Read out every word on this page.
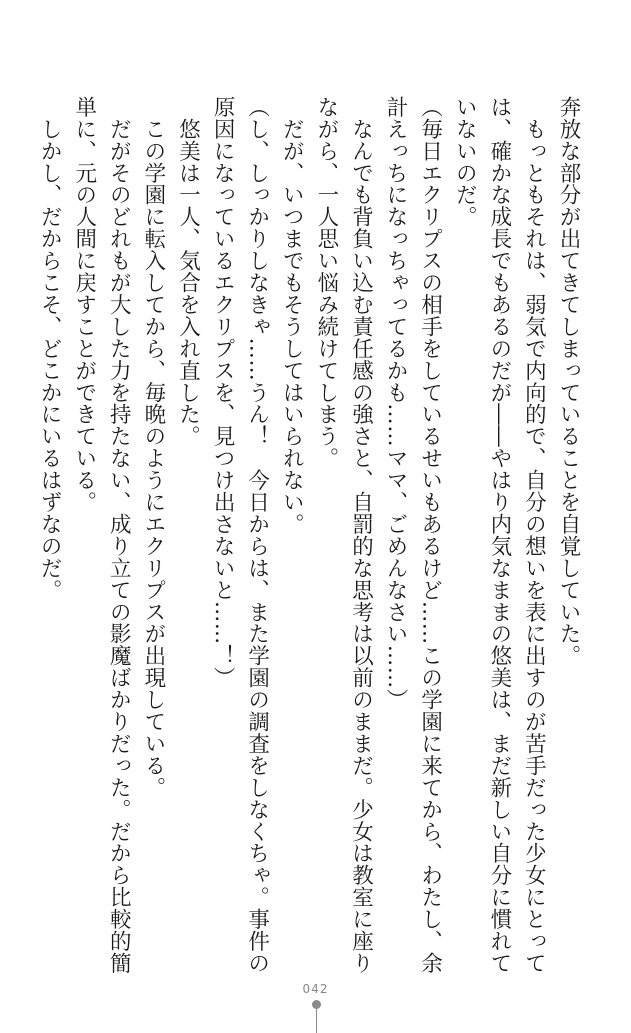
奔放な部分が出てきてしまっていることを自覚していた。
　もっともそれは、弱気で内向的で、自分の想いを表に出すのが苦手だった少女にとって
は、確かな成長でもあるのだが――やはり内気なままの悠美は、まだ新しい自分に慣れて
いないのだ。
（毎日エクリプスの相手をしているせいもあるけど……この学園に来てから、わたし、余
計えっちになっちゃってるかも……ママ、ごめんなさい……）
　なんでも背負い込む責任感の強さと、自罰的な思考は以前のままだ。少女は教室に座り
ながら、一人思い悩み続けてしまう。
　だが、いつまでもそうしてはいられない。
（し、しっかりしなきゃ……うん！　今日からは、また学園の調査をしなくちゃ。事件の
原因になっているエクリプスを、見つけ出さないと……！）
　悠美は一人、気合を入れ直した。
　この学園に転入してから、毎晩のようにエクリプスが出現している。
　だがそのどれもが大した力を持たない、成り立ての影魔ばかりだった。だから比較的簡
単に、元の人間に戻すことができている。
　しかし、だからこそ、どこかにいるはずなのだ。
042
